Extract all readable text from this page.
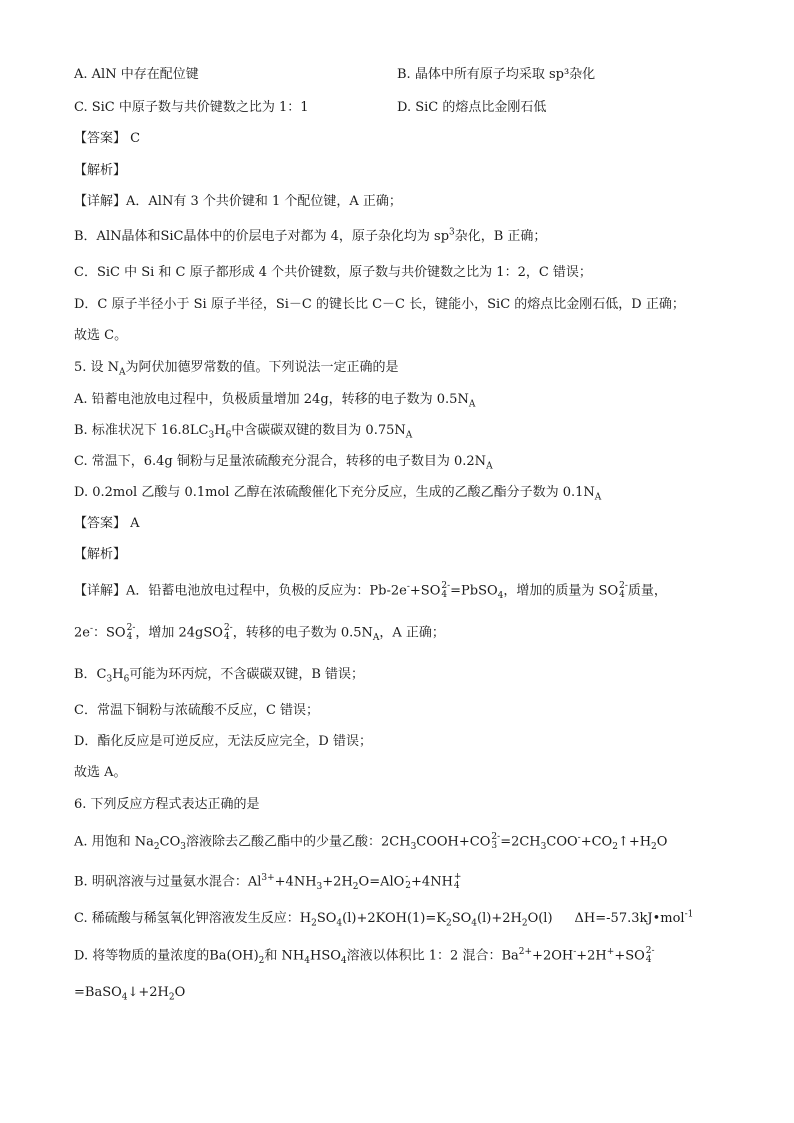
A. AlN 中存在配位键	B. 晶体中所有原子均采取 sp³杂化
C. SiC 中原子数与共价键数之比为 1：1	D. SiC 的熔点比金刚石低
【答案】 C
【解析】
【详解】A．AlN有 3 个共价键和 1 个配位键，A 正确；
B．AlN晶体和SiC晶体中的价层电子对都为 4，原子杂化均为 $sp^3$杂化，B 正确；
C．SiC 中 Si 和 C 原子都形成 4 个共价键数，原子数与共价键数之比为 1：2，C 错误；
D．C 原子半径小于 Si 原子半径，Si－C 的键长比 C－C 长，键能小，SiC 的熔点比金刚石低，D 正确；
故选 C。
5. 设 $N_A$为阿伏加德罗常数的值。下列说法一定正确的是
A. 铅蓄电池放电过程中，负极质量增加 24g，转移的电子数为 $0.5N_A$
B. 标准状况下 $16.8LC_3H_6$中含碳碳双键的数目为 $0.75N_A$
C. 常温下，6.4g 铜粉与足量浓硫酸充分混合，转移的电子数目为 $0.2N_A$
D. 0.2mol 乙酸与 0.1mol 乙醇在浓硫酸催化下充分反应，生成的乙酸乙酯分子数为 $0.1N_A$
【答案】 A
【解析】
【详解】A．铅蓄电池放电过程中，负极的反应为：Pb-2e-+SO 2-
4 =PbSO$_4$，增加的质量为 SO 2-
4 质量，
2e-：SO 2-
4 ，增加 24gSO 2-
4 ，转移的电子数为 $0.5N_A$，A 正确；
B．$C_3H_6$可能为环丙烷，不含碳碳双键，B 错误；
C．常温下铜粉与浓硫酸不反应，C 错误；
D．酯化反应是可逆反应，无法反应完全，D 错误；
故选 A。
6. 下列反应方程式表达正确的是
A. 用饱和 $Na_2CO_3$溶液除去乙酸乙酯中的少量乙酸：$2CH_3COOH+CO$ 2-
$3 =2CH_3COO^-+CO_2↑+H_2O$
B. 明矾溶液与过量氨水混合：$Al^{3+}+4NH_3+2H_2O=AlO$ -
2 +4NH +
4
C. 稀硫酸与稀氢氧化钾溶液发生反应：$H_2SO_4(l)+2KOH(1)=K_2SO_4(l)+2H_2O(l)$ ΔH=-57.3kJ•mol$^{-1}$
D. 将等物质的量浓度的$Ba(OH)_2$和 $NH_4HSO_4$溶液以体积比 1：2 混合：$Ba^{2+}+2OH^-+2H^++SO$ 2-
4
$=BaSO_4↓+2H_2O$
